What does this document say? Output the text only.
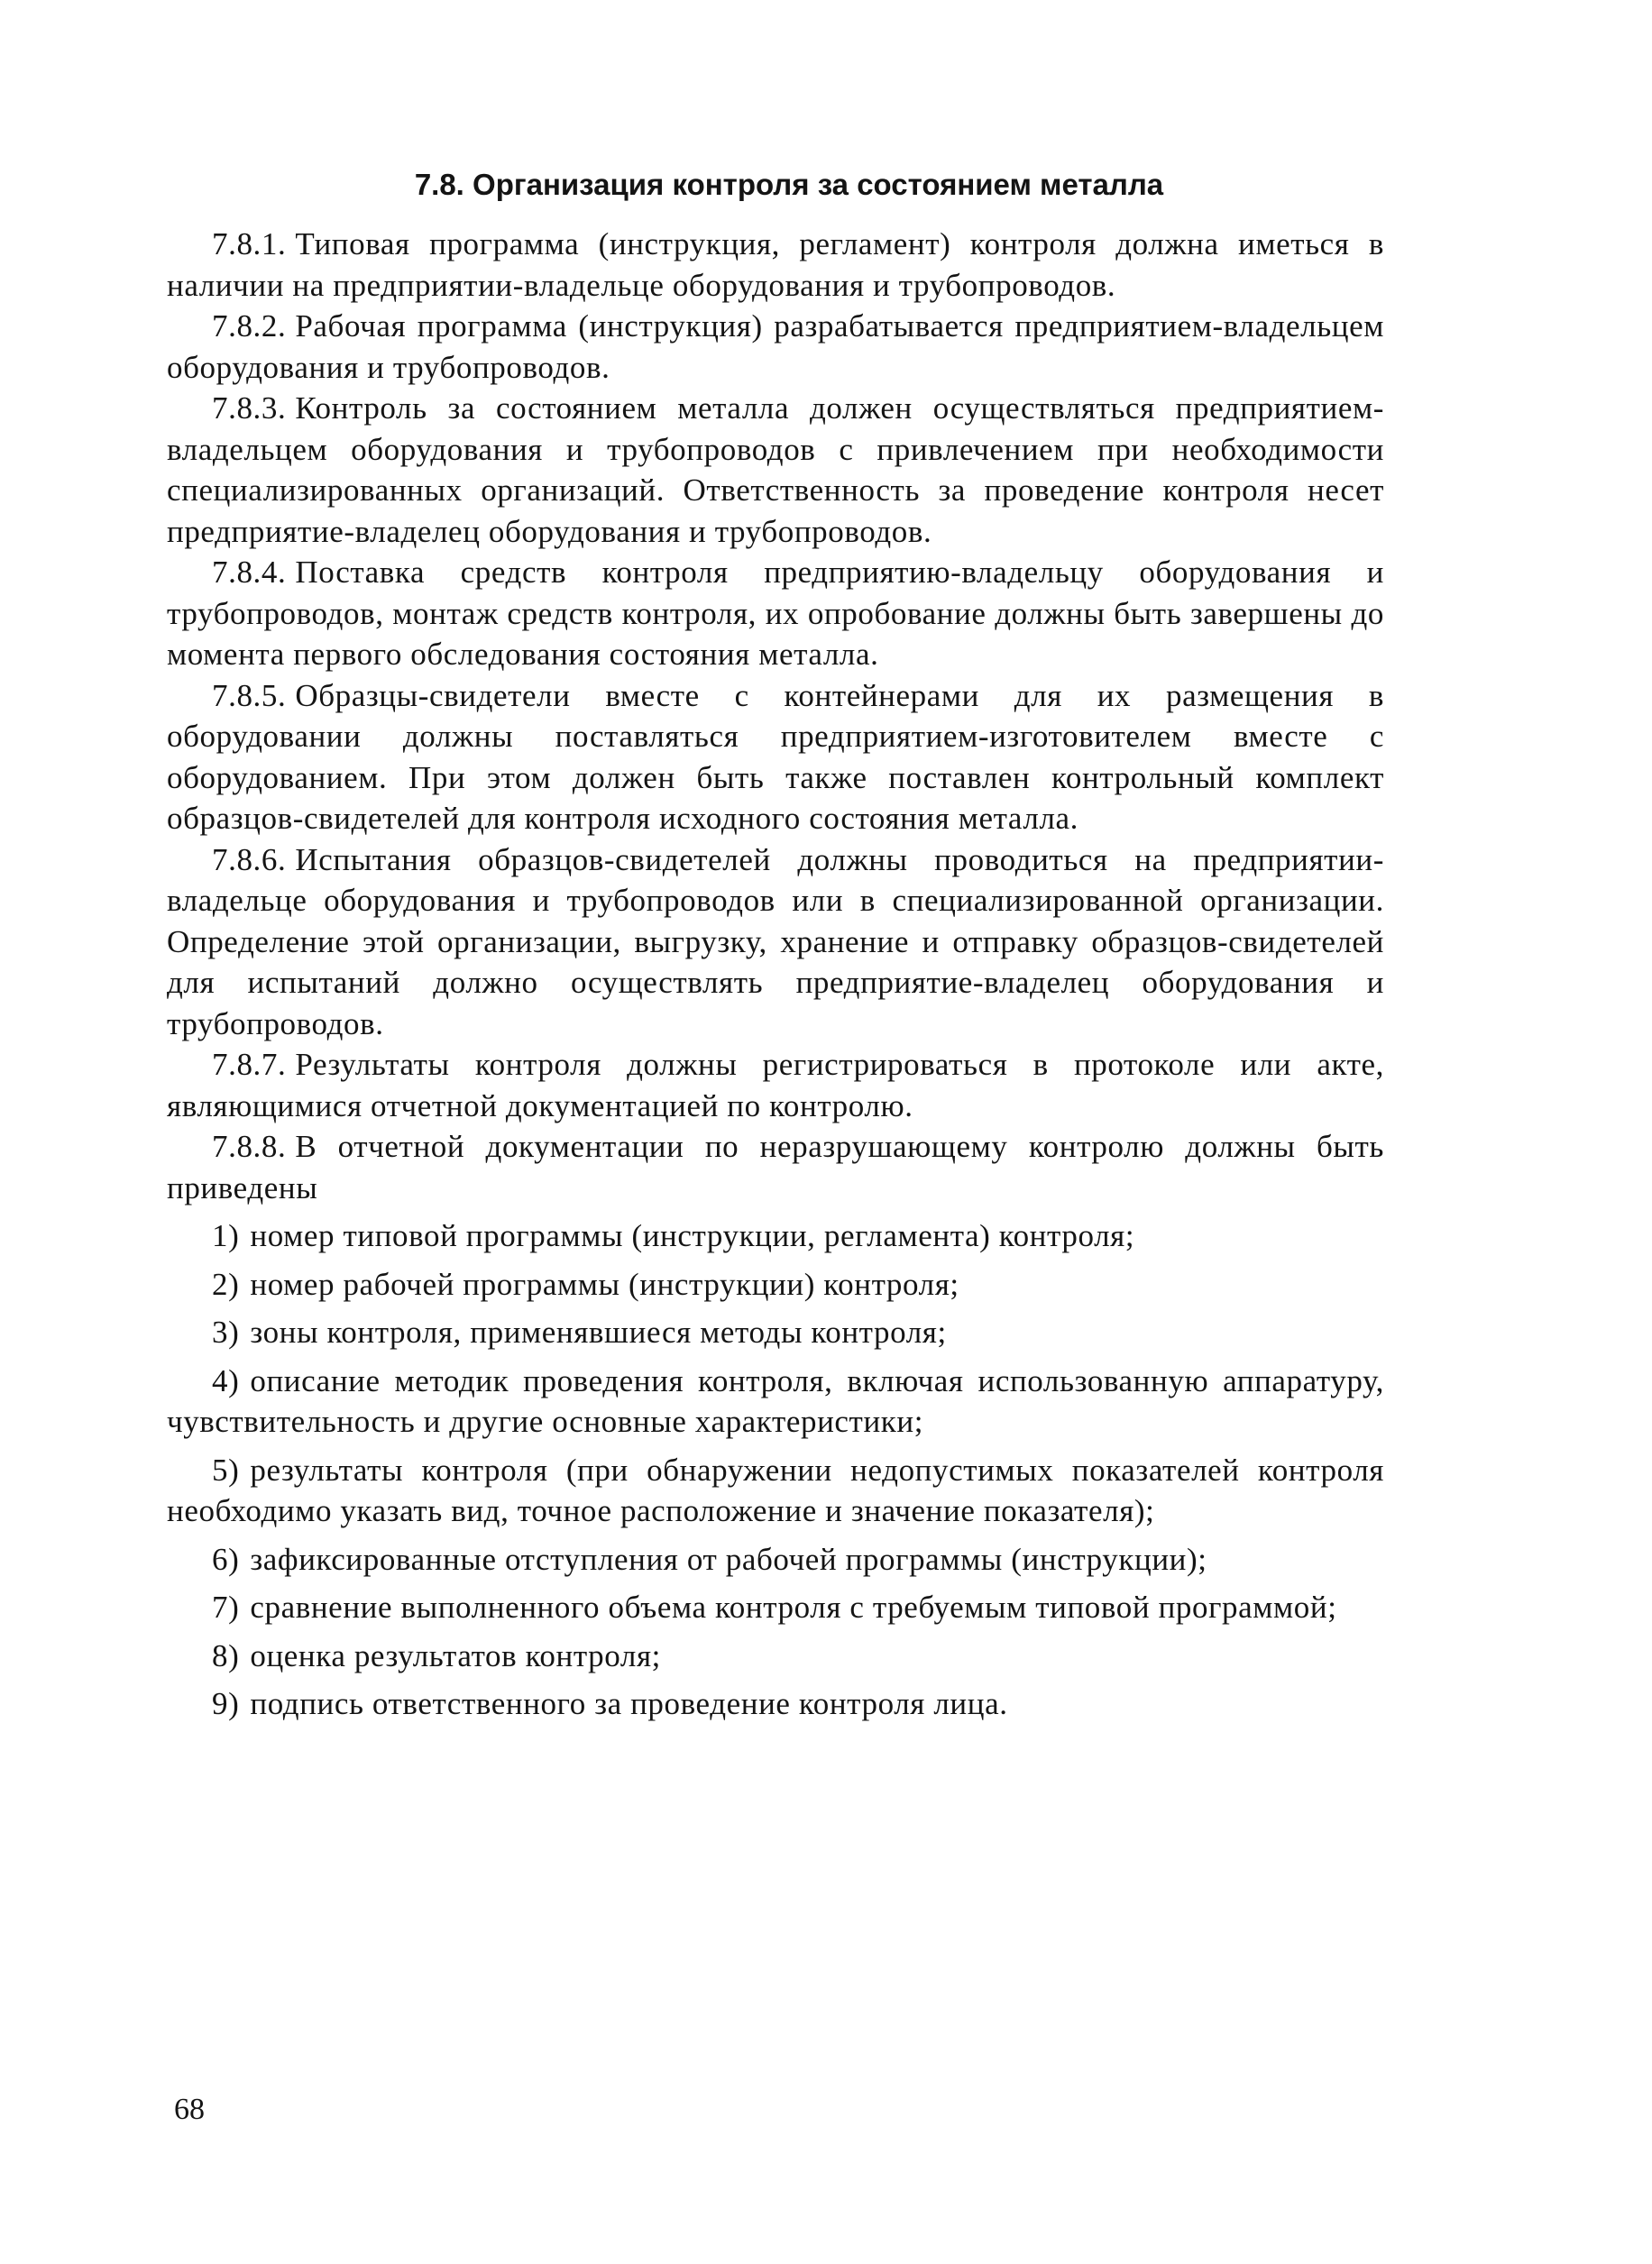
7.8. Организация контроля за состоянием металла

7.8.1. Типовая программа (инструкция, регламент) контроля должна иметься в наличии на предприятии-владельце оборудования и трубопроводов.

7.8.2. Рабочая программа (инструкция) разрабатывается предприятием-владельцем оборудования и трубопроводов.

7.8.3. Контроль за состоянием металла должен осуществляться предприятием-владельцем оборудования и трубопроводов с привлечением при необходимости специализированных организаций. Ответственность за проведение контроля несет предприятие-владелец оборудования и трубопроводов.

7.8.4. Поставка средств контроля предприятию-владельцу оборудования и трубопроводов, монтаж средств контроля, их опробование должны быть завершены до момента первого обследования состояния металла.

7.8.5. Образцы-свидетели вместе с контейнерами для их размещения в оборудовании должны поставляться предприятием-изготовителем вместе с оборудованием. При этом должен быть также поставлен контрольный комплект образцов-свидетелей для контроля исходного состояния металла.

7.8.6. Испытания образцов-свидетелей должны проводиться на предприятии-владельце оборудования и трубопроводов или в специализированной организации. Определение этой организации, выгрузку, хранение и отправку образцов-свидетелей для испытаний должно осуществлять предприятие-владелец оборудования и трубопроводов.

7.8.7. Результаты контроля должны регистрироваться в протоколе или акте, являющимися отчетной документацией по контролю.

7.8.8. В отчетной документации по неразрушающему контролю должны быть приведены

1) номер типовой программы (инструкции, регламента) контроля;

2) номер рабочей программы (инструкции) контроля;

3) зоны контроля, применявшиеся методы контроля;

4) описание методик проведения контроля, включая использованную аппаратуру, чувствительность и другие основные характеристики;

5) результаты контроля (при обнаружении недопустимых показателей контроля необходимо указать вид, точное расположение и значение показателя);

6) зафиксированные отступления от рабочей программы (инструкции);

7) сравнение выполненного объема контроля с требуемым типовой программой;

8) оценка результатов контроля;

9) подпись ответственного за проведение контроля лица.

68
